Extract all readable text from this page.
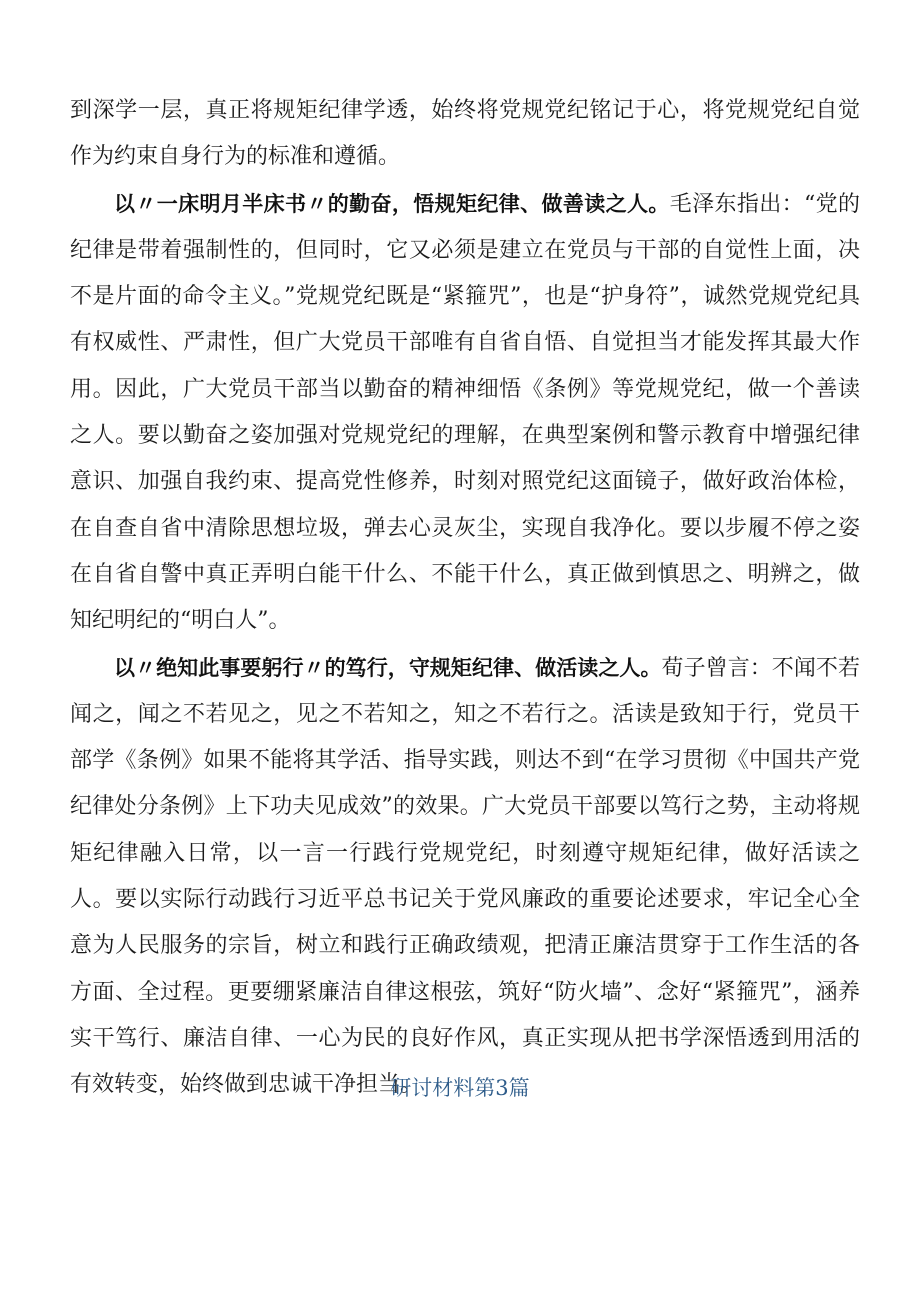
到深学一层，真正将规矩纪律学透，始终将党规党纪铭记于心，将党规党纪自觉作为约束自身行为的标准和遵循。

以〃一床明月半床书〃的勤奋，悟规矩纪律、做善读之人。毛泽东指出：“党的纪律是带着强制性的，但同时，它又必须是建立在党员与干部的自觉性上面，决不是片面的命令主义。”党规党纪既是“紧箍咒”，也是“护身符”，诚然党规党纪具有权威性、严肃性，但广大党员干部唯有自省自悟、自觉担当才能发挥其最大作用。因此，广大党员干部当以勤奋的精神细悟《条例》等党规党纪，做一个善读之人。要以勤奋之姿加强对党规党纪的理解，在典型案例和警示教育中增强纪律意识、加强自我约束、提高党性修养，时刻对照党纪这面镜子，做好政治体检，在自查自省中清除思想垃圾，弹去心灵灰尘，实现自我净化。要以步履不停之姿在自省自警中真正弄明白能干什么、不能干什么，真正做到慎思之、明辨之，做知纪明纪的“明白人”。

以〃绝知此事要躬行〃的笃行，守规矩纪律、做活读之人。荀子曾言：不闻不若闻之，闻之不若见之，见之不若知之，知之不若行之。活读是致知于行，党员干部学《条例》如果不能将其学活、指导实践，则达不到“在学习贯彻《中国共产党纪律处分条例》上下功夫见成效”的效果。广大党员干部要以笃行之势，主动将规矩纪律融入日常，以一言一行践行党规党纪，时刻遵守规矩纪律，做好活读之人。要以实际行动践行习近平总书记关于党风廉政的重要论述要求，牢记全心全意为人民服务的宗旨，树立和践行正确政绩观，把清正廉洁贯穿于工作生活的各方面、全过程。更要绷紧廉洁自律这根弦，筑好“防火墙”、念好“紧箍咒”，涵养实干笃行、廉洁自律、一心为民的良好作风，真正实现从把书学深悟透到用活的有效转变，始终做到忠诚干净担当。

研讨材料第3篇
